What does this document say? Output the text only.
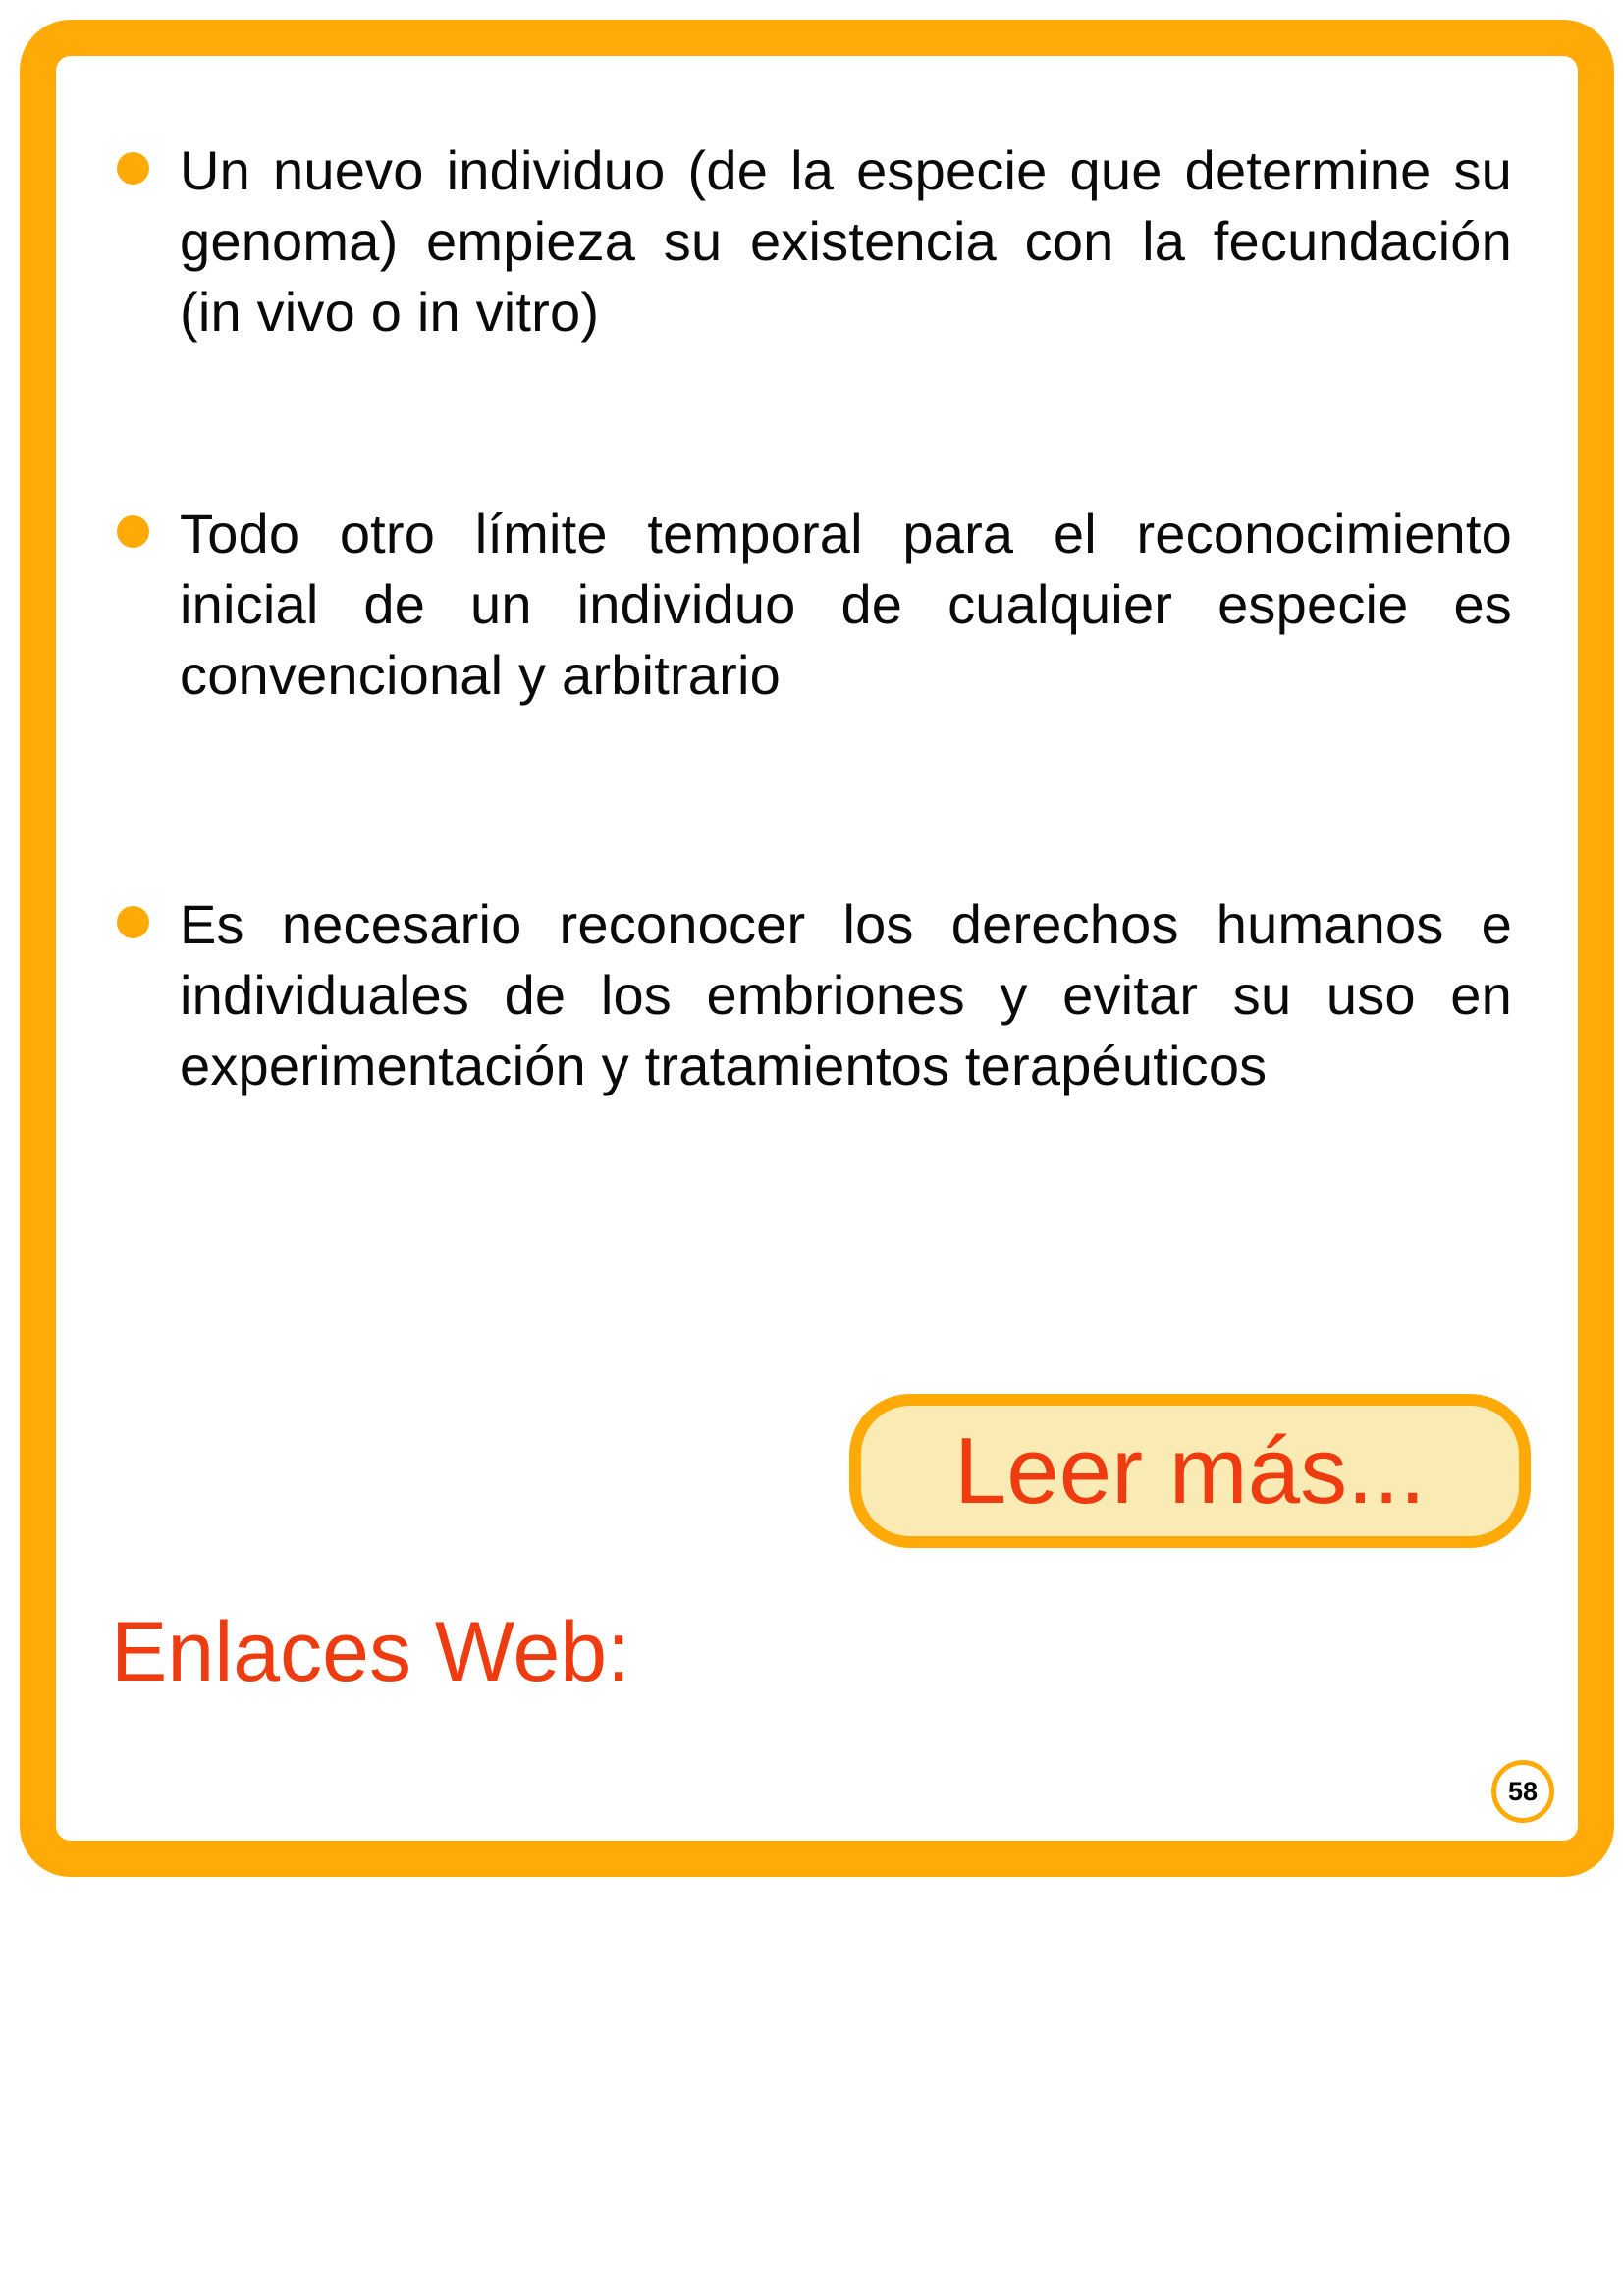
Un nuevo individuo (de la especie que determine su genoma) empieza su existencia con la fecundación (in vivo o in vitro)
Todo otro límite temporal para el reconocimiento inicial de un individuo de cualquier especie es convencional y arbitrario
Es necesario reconocer los derechos humanos e individuales de los embriones y evitar su uso en experimentación y tratamientos terapéuticos
Leer más...
Enlaces Web:
58
